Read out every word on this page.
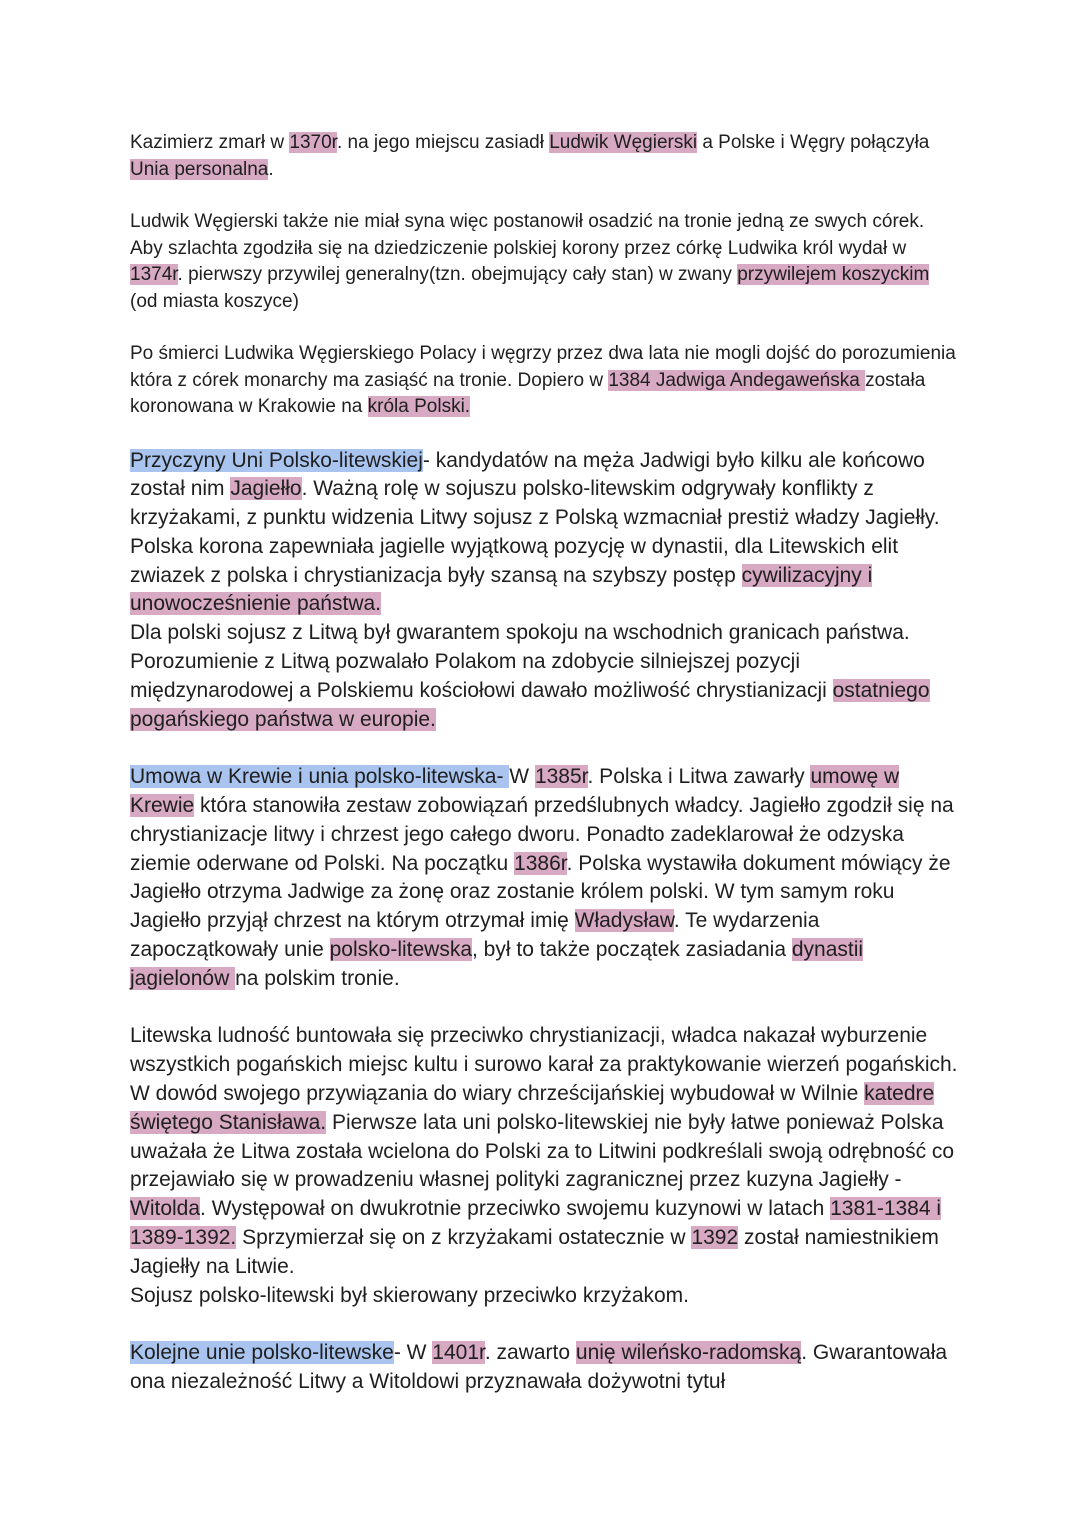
Kazimierz zmarł w 1370r. na jego miejscu zasiadł Ludwik Węgierski a Polske i Węgry połączyła Unia personalna.

Ludwik Węgierski także nie miał syna więc postanowił osadzić na tronie jedną ze swych córek. Aby szlachta zgodziła się na dziedziczenie polskiej korony przez córkę Ludwika król wydał w 1374r. pierwszy przywilej generalny(tzn. obejmujący cały stan) w zwany przywilejem koszyckim (od miasta koszyce)

Po śmierci Ludwika Węgierskiego Polacy i węgrzy przez dwa lata nie mogli dojść do porozumienia która z córek monarchy ma zasiąść na tronie. Dopiero w 1384 Jadwiga Andegaweńska została koronowana w Krakowie na króla Polski.

Przyczyny Uni Polsko-litewskiej- kandydatów na męża Jadwigi było kilku ale końcowo został nim Jagiełło. Ważną rolę w sojuszu polsko-litewskim odgrywały konflikty z krzyżakami, z punktu widzenia Litwy sojusz z Polską wzmacniał prestiż władzy Jagiełły. Polska korona zapewniała jagielle wyjątkową pozycję w dynastii, dla Litewskich elit zwiazek z polska i chrystianizacja były szansą na szybszy postęp cywilizacyjny i unowocześnienie państwa.

Dla polski sojusz z Litwą był gwarantem spokoju na wschodnich granicach państwa. Porozumienie z Litwą pozwalało Polakom na zdobycie silniejszej pozycji międzynarodowej a Polskiemu kościołowi dawało możliwość chrystianizacji ostatniego pogańskiego państwa w europie.

Umowa w Krewie i unia polsko-litewska- W 1385r. Polska i Litwa zawarły umowę w Krewie która stanowiła zestaw zobowiązań przedślubnych władcy. Jagiełło zgodził się na chrystianizacje litwy i chrzest jego całego dworu. Ponadto zadeklarował że odzyska ziemie oderwane od Polski. Na początku 1386r. Polska wystawiła dokument mówiący że Jagiełło otrzyma Jadwige za żonę oraz zostanie królem polski. W tym samym roku Jagiełło przyjął chrzest na którym otrzymał imię Władysław. Te wydarzenia zapoczątkowały unie polsko-litewska, był to także początek zasiadania dynastii jagielonów na polskim tronie.

Litewska ludność buntowała się przeciwko chrystianizacji, władca nakazał wyburzenie wszystkich pogańskich miejsc kultu i surowo karał za praktykowanie wierzeń pogańskich. W dowód swojego przywiązania do wiary chrześcijańskiej wybudował w Wilnie katedre świętego Stanisława. Pierwsze lata uni polsko-litewskiej nie były łatwe ponieważ Polska uważała że Litwa została wcielona do Polski za to Litwini podkreślali swoją odrębność co przejawiało się w prowadzeniu własnej polityki zagranicznej przez kuzyna Jagiełły - Witolda. Występował on dwukrotnie przeciwko swojemu kuzynowi w latach 1381-1384 i 1389-1392. Sprzymierzał się on z krzyżakami ostatecznie w 1392 został namiestnikiem Jagiełły na Litwie.

Sojusz polsko-litewski był skierowany przeciwko krzyżakom.

Kolejne unie polsko-litewske- W 1401r. zawarto unię wileńsko-radomską. Gwarantowała ona niezależność Litwy a Witoldowi przyznawała dożywotni tytuł
